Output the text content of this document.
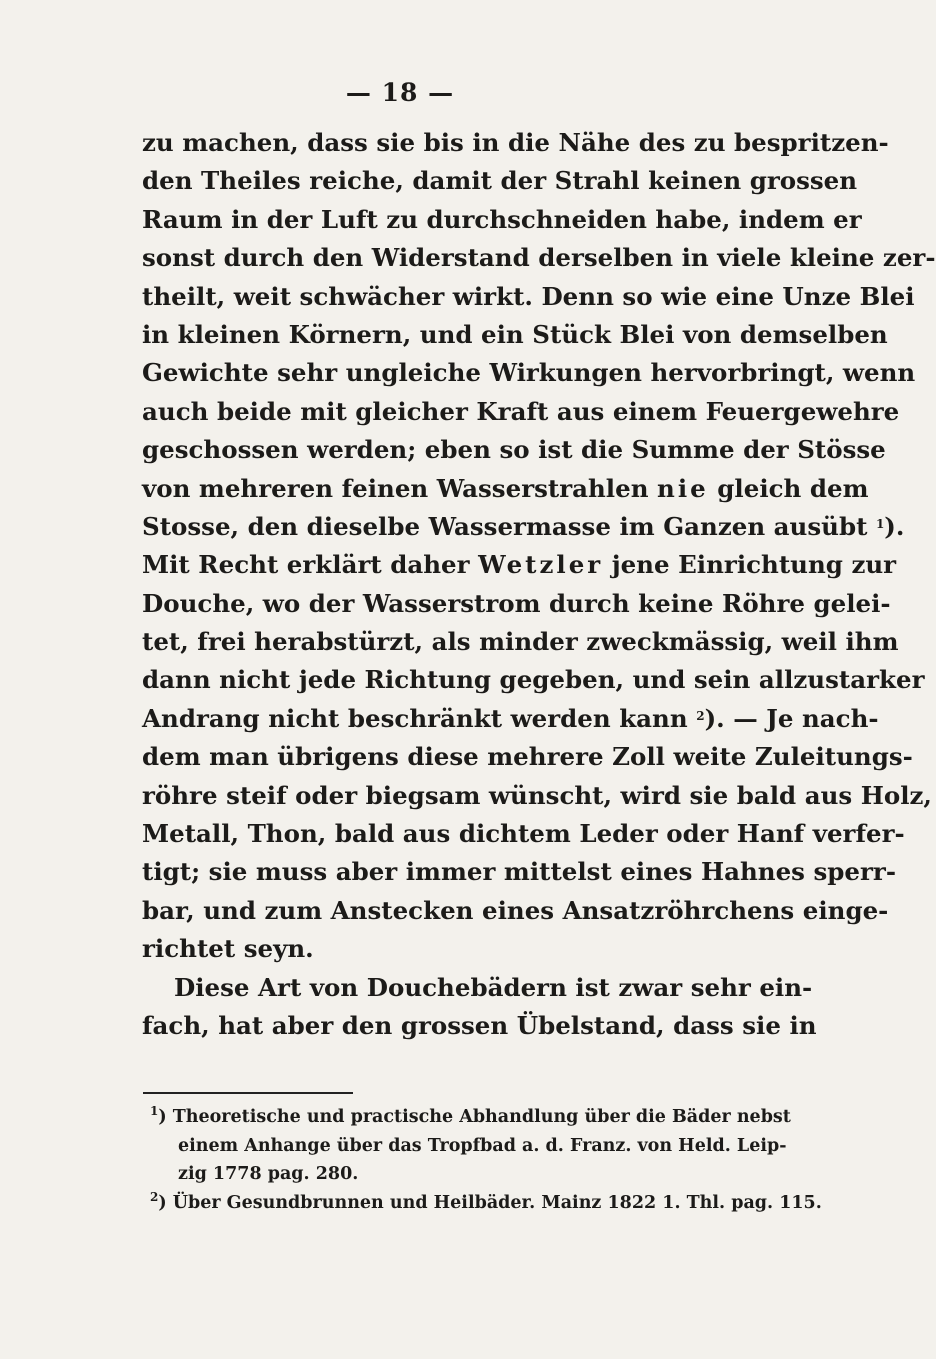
— 18 —
zu machen, dass sie bis in die Nähe des zu bespritzen-
den Theiles reiche, damit der Strahl keinen grossen
Raum in der Luft zu durchschneiden habe, indem er
sonst durch den Widerstand derselben in viele kleine zer-
theilt, weit schwächer wirkt. Denn so wie eine Unze Blei
in kleinen Körnern, und ein Stück Blei von demselben
Gewichte sehr ungleiche Wirkungen hervorbringt, wenn
auch beide mit gleicher Kraft aus einem Feuergewehre
geschossen werden; eben so ist die Summe der Stösse
von mehreren feinen Wasserstrahlen nie gleich dem
Stosse, den dieselbe Wassermasse im Ganzen ausübt $^1$).
Mit Recht erklärt daher Wetzler jene Einrichtung zur
Douche, wo der Wasserstrom durch keine Röhre gelei-
tet, frei herabstürzt, als minder zweckmässig, weil ihm
dann nicht jede Richtung gegeben, und sein allzustarker
Andrang nicht beschränkt werden kann $^2$). — Je nach-
dem man übrigens diese mehrere Zoll weite Zuleitungs-
röhre steif oder biegsam wünscht, wird sie bald aus Holz,
Metall, Thon, bald aus dichtem Leder oder Hanf verfer-
tigt; sie muss aber immer mittelst eines Hahnes sperr-
bar, und zum Anstecken eines Ansatzröhrchens einge-
richtet seyn.
Diese Art von Douchebädern ist zwar sehr ein-
fach, hat aber den grossen Übelstand, dass sie in
$^1$) Theoretische und practische Abhandlung über die Bäder nebst
einem Anhange über das Tropfbad a. d. Franz. von Held. Leip-
zig 1778 pag. 280.
$^2$) Über Gesundbrunnen und Heilbäder. Mainz 1822 1. Thl. pag. 115.
